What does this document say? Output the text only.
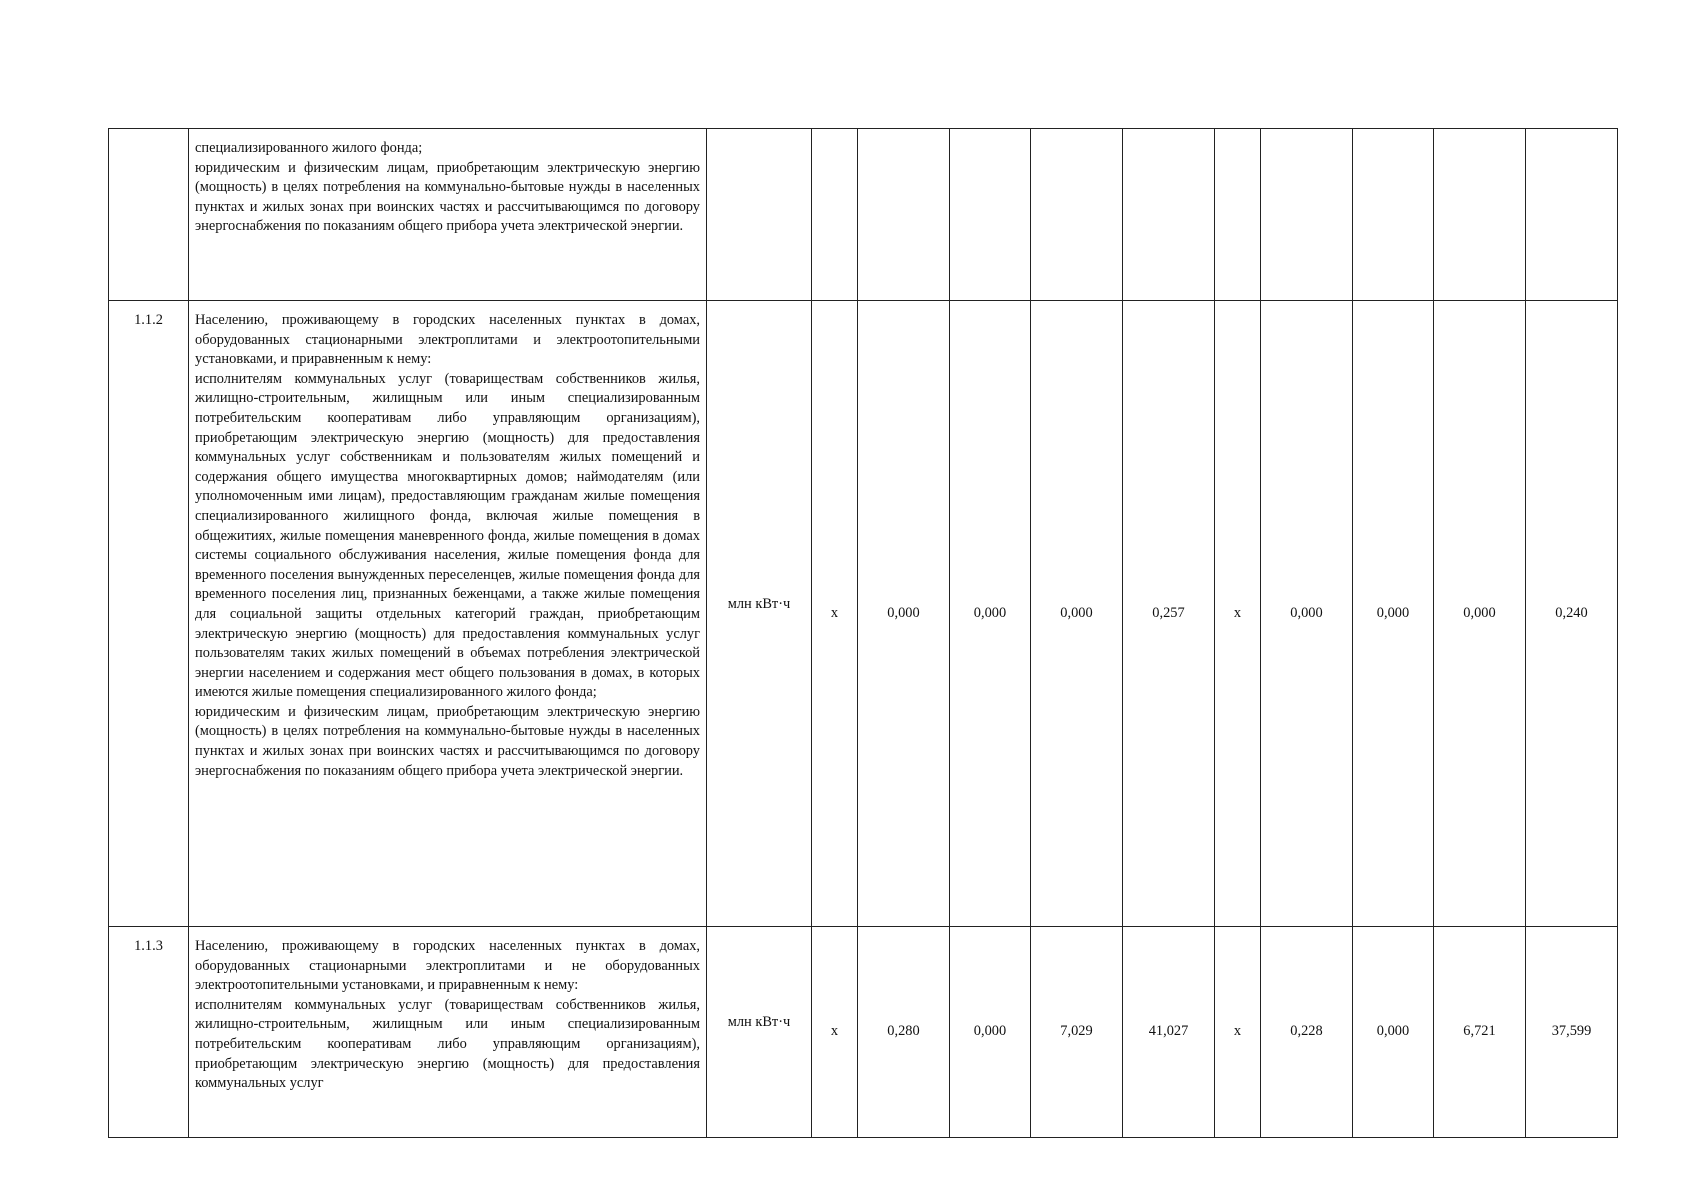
	специализированного жилого фонда;

юридическим и физическим лицам, приобретающим электрическую энергию (мощность) в целях потребления на коммунально-бытовые нужды в населенных пунктах и жилых зонах при воинских частях и рассчитывающимся по договору энергоснабжения по показаниям общего прибора учета электрической энергии.											

1.1.2	Населению, проживающему в городских населенных пунктах в домах, оборудованных стационарными электроплитами и электроотопительными установками, и приравненным к нему:

исполнителям коммунальных услуг (товариществам собственников жилья, жилищно-строительным, жилищным или иным специализированным потребительским кооперативам либо управляющим организациям), приобретающим электрическую энергию (мощность) для предоставления коммунальных услуг собственникам и пользователям жилых помещений и содержания общего имущества многоквартирных домов; наймодателям (или уполномоченным ими лицам), предоставляющим гражданам жилые помещения специализированного жилищного фонда, включая жилые помещения в общежитиях, жилые помещения маневренного фонда, жилые помещения в домах системы социального обслуживания населения, жилые помещения фонда для временного поселения вынужденных переселенцев, жилые помещения фонда для временного поселения лиц, признанных беженцами, а также жилые помещения для социальной защиты отдельных категорий граждан, приобретающим электрическую энергию (мощность) для предоставления коммунальных услуг пользователям таких жилых помещений в объемах потребления электрической энергии населением и содержания мест общего пользования в домах, в которых имеются жилые помещения специализированного жилого фонда;

юридическим и физическим лицам, приобретающим электрическую энергию (мощность) в целях потребления на коммунально-бытовые нужды в населенных пунктах и жилых зонах при воинских частях и рассчитывающимся по договору энергоснабжения по показаниям общего прибора учета электрической энергии.	млн кВт·ч	х	0,000	0,000	0,000	0,257	х	0,000	0,000	0,000	0,240
1.1.3	Населению, проживающему в городских населенных пунктах в домах, оборудованных стационарными электроплитами и не оборудованных электроотопительными установками, и приравненным к нему:

исполнителям коммунальных услуг (товариществам собственников жилья, жилищно-строительным, жилищным или иным специализированным потребительским кооперативам либо управляющим организациям), приобретающим электрическую энергию (мощность) для предоставления коммунальных услуг	млн кВт·ч	х	0,280	0,000	7,029	41,027	х	0,228	0,000	6,721	37,599
